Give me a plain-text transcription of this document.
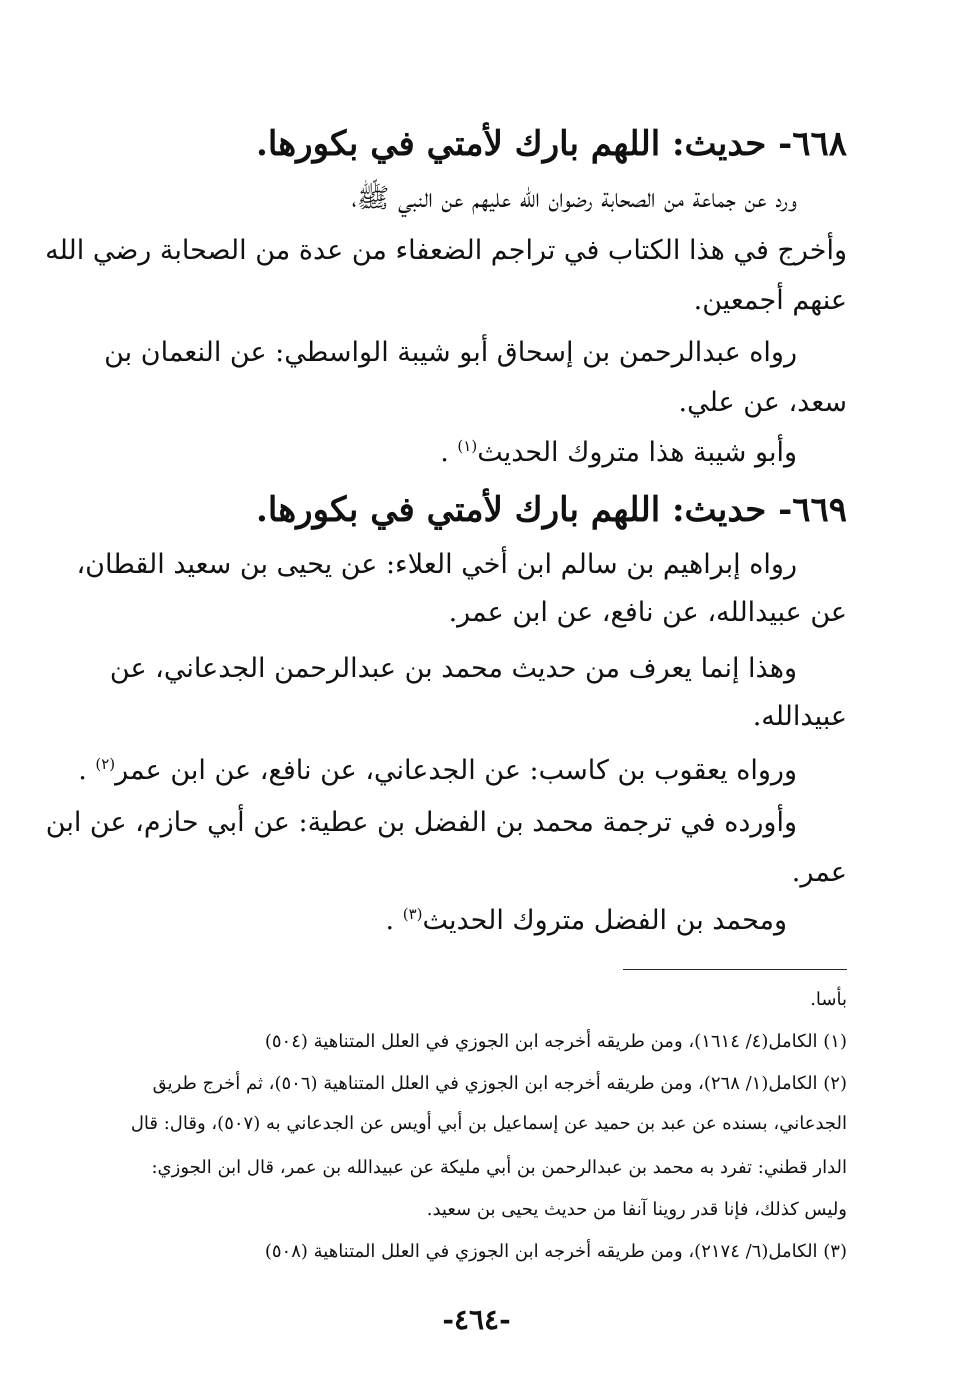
٦٦٨- حديث: اللهم بارك لأمتي في بكورها.
ورد عن جماعة من الصحابة رضوان الله عليهم عن النبي ﷺ،
وأخرج في هذا الكتاب في تراجم الضعفاء من عدة من الصحابة رضي الله
عنهم أجمعين.
رواه عبدالرحمن بن إسحاق أبو شيبة الواسطي: عن النعمان بن
سعد، عن علي.
وأبو شيبة هذا متروك الحديث$^{(١)}$ .
٦٦٩- حديث: اللهم بارك لأمتي في بكورها.
رواه إبراهيم بن سالم ابن أخي العلاء: عن يحيى بن سعيد القطان،
عن عبيدالله، عن نافع، عن ابن عمر.
وهذا إنما يعرف من حديث محمد بن عبدالرحمن الجدعاني، عن
عبيدالله.
ورواه يعقوب بن كاسب: عن الجدعاني، عن نافع، عن ابن عمر$^{(٢)}$ .
وأورده في ترجمة محمد بن الفضل بن عطية: عن أبي حازم، عن ابن
عمر.
ومحمد بن الفضل متروك الحديث$^{(٣)}$ .
بأسا.
(١) الكامل(٤/ ١٦١٤)، ومن طريقه أخرجه ابن الجوزي في العلل المتناهية (٥٠٤)
(٢) الكامل(١/ ٢٦٨)، ومن طريقه أخرجه ابن الجوزي في العلل المتناهية (٥٠٦)، ثم أخرج طريق
الجدعاني، بسنده عن عبد بن حميد عن إسماعيل بن أبي أويس عن الجدعاني به (٥٠٧)، وقال: قال
الدار قطني: تفرد به محمد بن عبدالرحمن بن أبي مليكة عن عبيدالله بن عمر، قال ابن الجوزي:
وليس كذلك، فإنا قدر روينا آنفا من حديث يحيى بن سعيد.
(٣) الكامل(٦/ ٢١٧٤)، ومن طريقه أخرجه ابن الجوزي في العلل المتناهية (٥٠٨)
-٤٦٤-
